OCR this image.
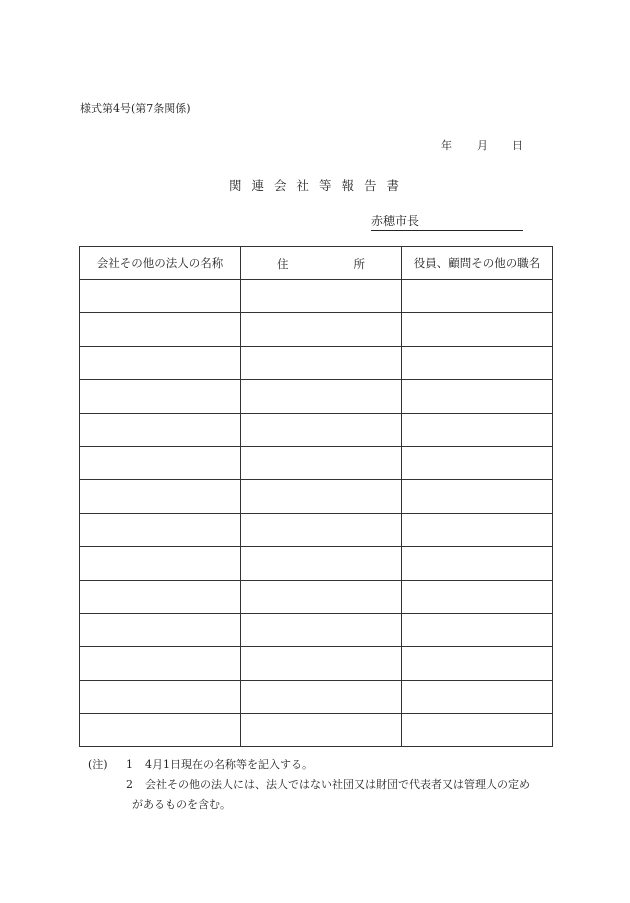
様式第4号(第7条関係)
年 月 日
関 連 会 社 等 報 告 書
赤穂市長
会社その他の法人の名称	住 所	役員、顧問その他の職名

(注) 1 4月1日現在の名称等を記入する。
2 会社その他の法人には、法人ではない社団又は財団で代表者又は管理人の定め
があるものを含む。
